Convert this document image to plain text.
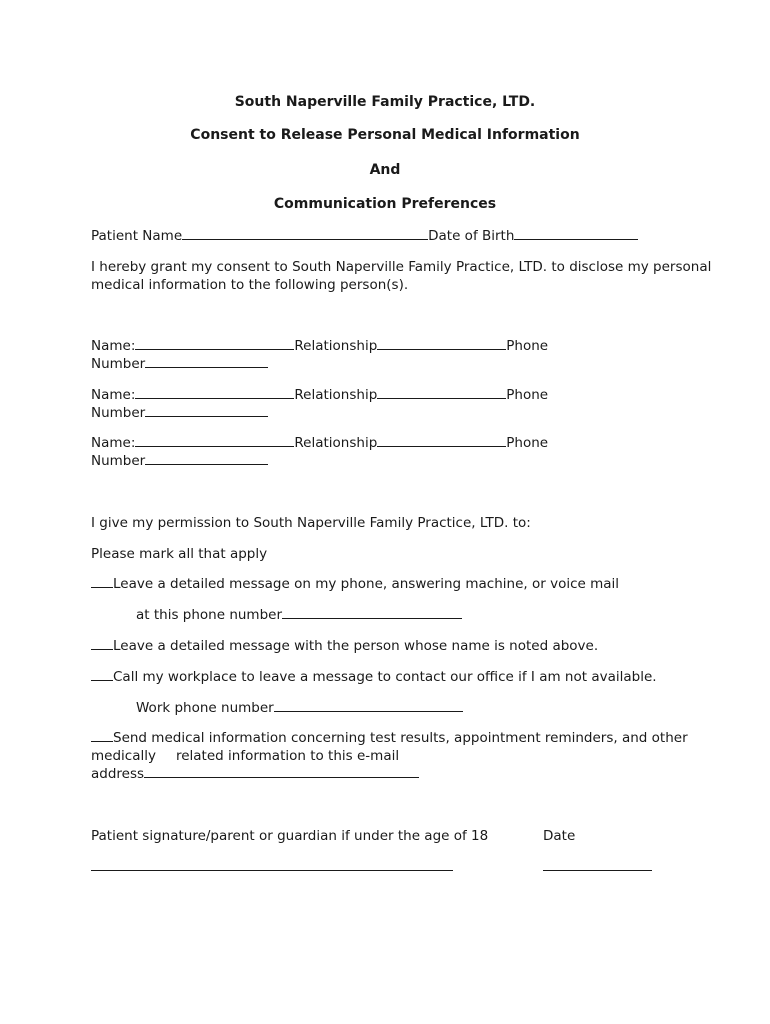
South Naperville Family Practice, LTD.
Consent to Release Personal Medical Information
And
Communication Preferences
Patient Name	Date of Birth
I hereby grant my consent to South Naperville Family Practice, LTD. to disclose my personal
medical information to the following person(s).
Name:	Relationship	Phone
Number
Name:	Relationship	Phone
Number
Name:	Relationship	Phone
Number
I give my permission to South Naperville Family Practice, LTD. to:
Please mark all that apply
Leave a detailed message on my phone, answering machine, or voice mail
at this phone number
Leave a detailed message with the person whose name is noted above.
Call my workplace to leave a message to contact our office if I am not available.
Work phone number
Send medical information concerning test results, appointment reminders, and other
medically related information to this e-mail
address
Patient signature/parent or guardian if under the age of 18	Date
